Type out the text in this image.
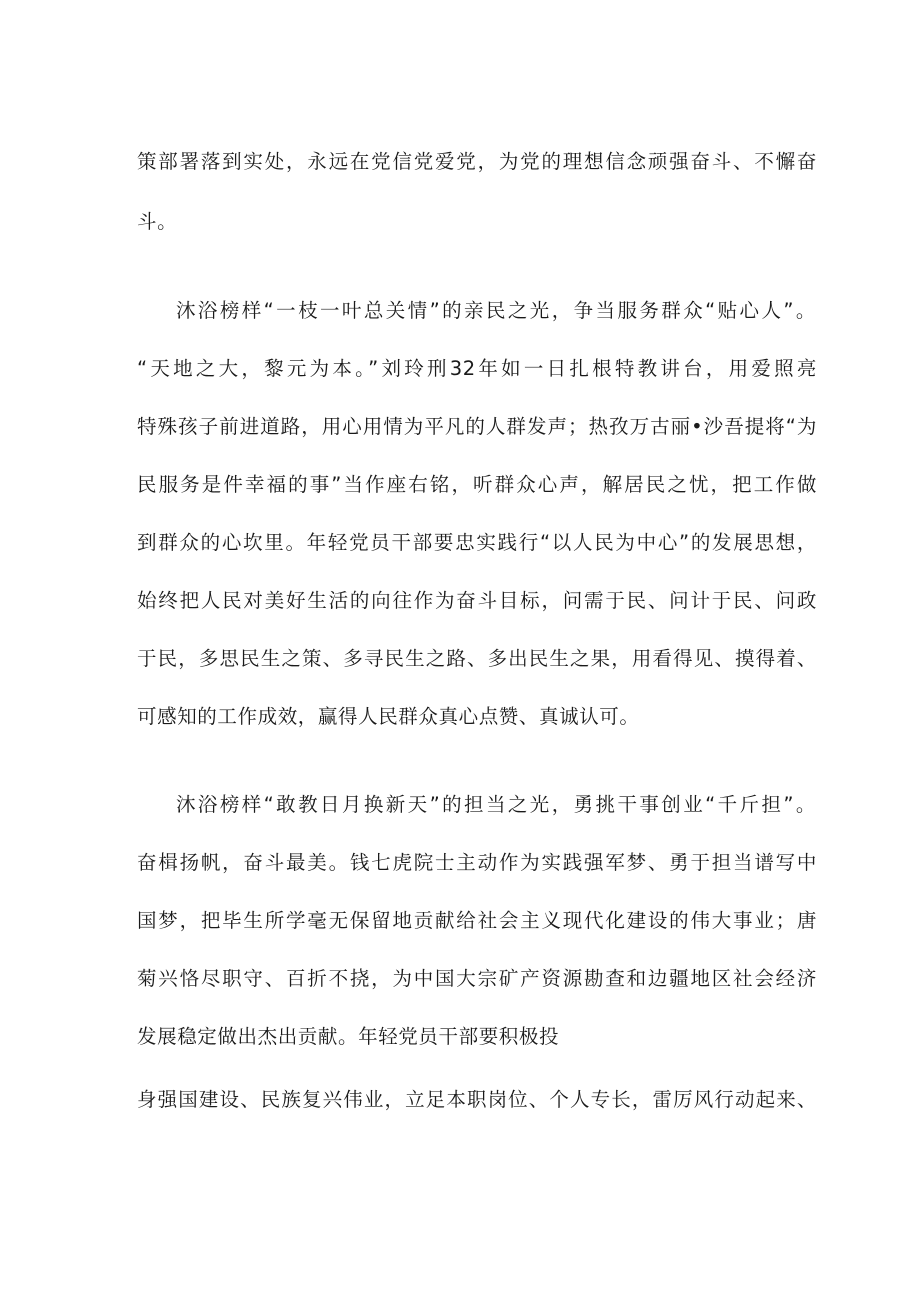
策部署落到实处，永远在党信党爱党，为党的理想信念顽强奋斗、不懈奋
斗。
沐浴榜样“一枝一叶总关情”的亲民之光，争当服务群众“贴心人”。
“天地之大，黎元为本。”刘玲刑32年如一日扎根特教讲台，用爱照亮
特殊孩子前进道路，用心用情为平凡的人群发声；热孜万古丽•沙吾提将“为
民服务是件幸福的事”当作座右铭，听群众心声，解居民之忧，把工作做
到群众的心坎里。年轻党员干部要忠实践行“以人民为中心”的发展思想，
始终把人民对美好生活的向往作为奋斗目标，问需于民、问计于民、问政
于民，多思民生之策、多寻民生之路、多出民生之果，用看得见、摸得着、
可感知的工作成效，赢得人民群众真心点赞、真诚认可。
沐浴榜样“敢教日月换新天”的担当之光，勇挑干事创业“千斤担”。
奋楫扬帆，奋斗最美。钱七虎院士主动作为实践强军梦、勇于担当谱写中
国梦，把毕生所学毫无保留地贡献给社会主义现代化建设的伟大事业；唐
菊兴恪尽职守、百折不挠，为中国大宗矿产资源勘查和边疆地区社会经济
发展稳定做出杰出贡献。年轻党员干部要积极投
身强国建设、民族复兴伟业，立足本职岗位、个人专长，雷厉风行动起来、
